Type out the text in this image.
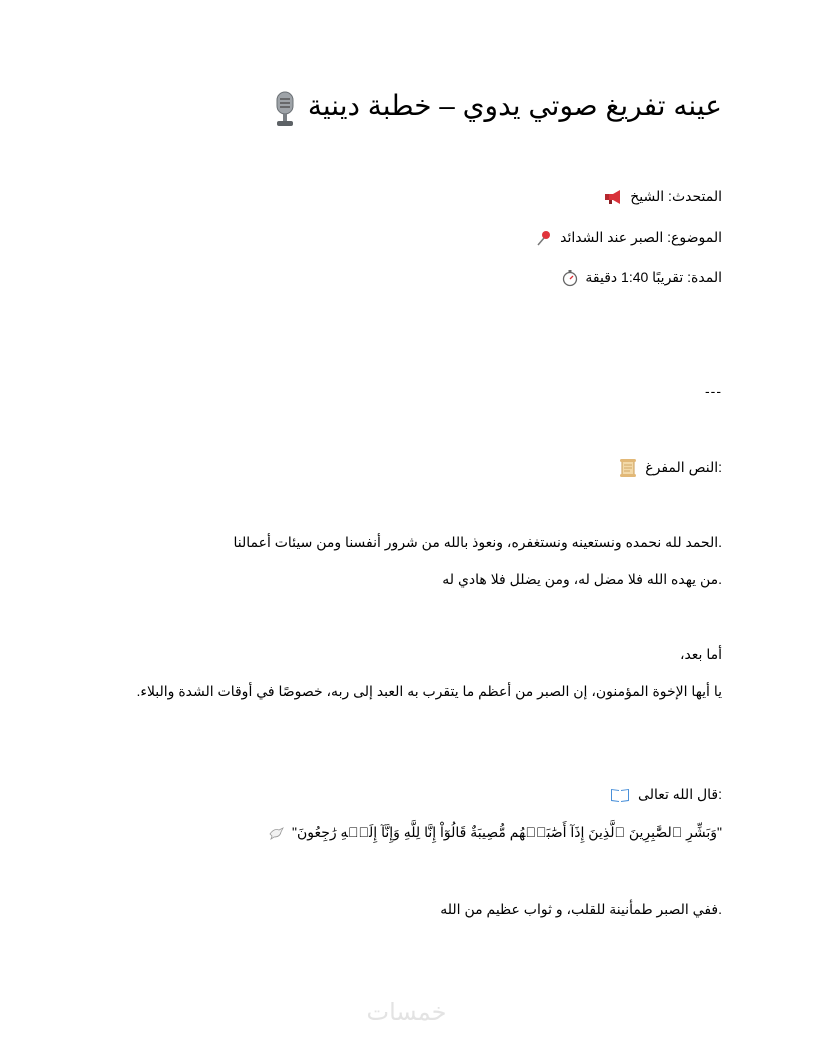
عينه تفريغ صوتي يدوي – خطبة دينية
المتحدث: الشيخ
الموضوع: الصبر عند الشدائد
المدة: تقريبًا 1:40 دقيقة
---
:النص المفرغ
.الحمد لله نحمده ونستعينه ونستغفره، ونعوذ بالله من شرور أنفسنا ومن سيئات أعمالنا
.من يهده الله فلا مضل له، ومن يضلل فلا هادي له
أما بعد،
يا أيها الإخوة المؤمنون، إن الصبر من أعظم ما يتقرب به العبد إلى ربه، خصوصًا في أوقات الشدة والبلاء.
:قال الله تعالى
"وَبَشِّرِ ٱلصَّٰبِرِينَ ٱلَّذِينَ إِذَآ أَصَٰبَتۡهُم مُّصِيبَةٌ قَالُوٓاْ إِنَّا لِلَّهِ وَإِنَّآ إِلَيۡهِ رَٰجِعُونَ"
.ففي الصبر طمأنينة للقلب، و ثواب عظيم من الله
خمسات
